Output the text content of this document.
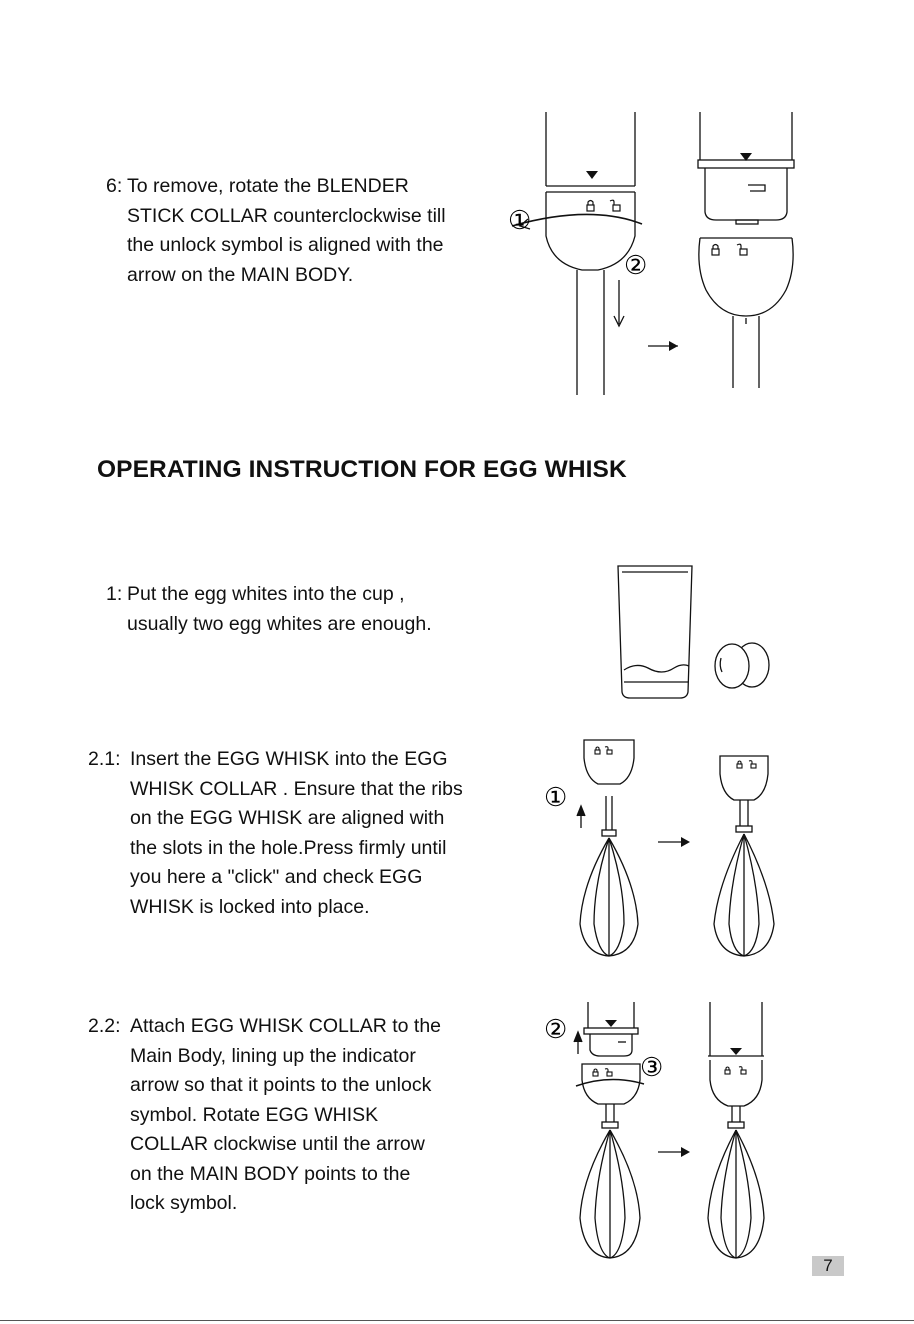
6: To remove, rotate the BLENDER
STICK COLLAR counterclockwise till
the unlock symbol is aligned with the
arrow on the MAIN BODY.
①
②
OPERATING INSTRUCTION FOR EGG WHISK
1: Put the egg whites into the cup ,
usually two egg whites are enough.
2.1: Insert the EGG WHISK into the EGG
WHISK COLLAR . Ensure that the ribs
on the EGG WHISK are aligned with
the slots in the hole.Press firmly until
you here a "click" and check EGG
WHISK is locked into place.
①
2.2: Attach EGG WHISK COLLAR to the
Main Body, lining up the indicator
arrow so that it points to the unlock
symbol. Rotate EGG WHISK
COLLAR clockwise until the arrow
on the MAIN BODY points to the
lock symbol.
②
③
7
